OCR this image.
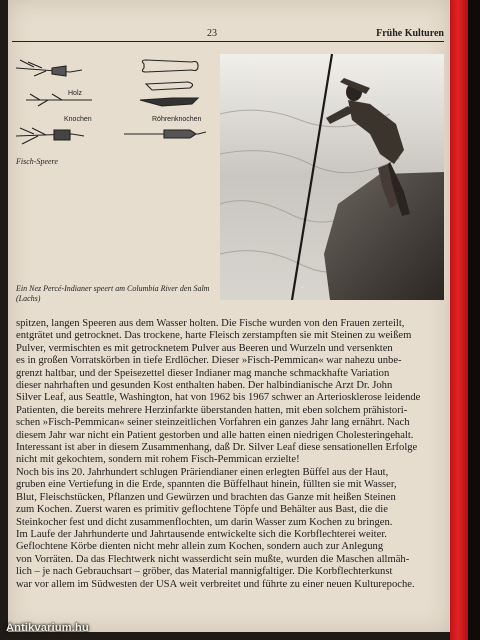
23	Frühe Kulturen
Holz
Knochen	Röhrenknochen
Fisch-Speere
Ein Nez Percé-Indianer speert am Columbia River den Salm (Lachs)
spitzen, langen Speeren aus dem Wasser holten. Die Fische wurden von den Frauen zerteilt,
entgrätet und getrocknet. Das trockene, harte Fleisch zerstampften sie mit Steinen zu weißem
Pulver, vermischten es mit getrocknetem Pulver aus Beeren und Wurzeln und versenkten
es in großen Vorratskörben in tiefe Erdlöcher. Dieser »Fisch-Pemmican« war nahezu unbe-
grenzt haltbar, und der Speisezettel dieser Indianer mag manche schmackhafte Variation
dieser nahrhaften und gesunden Kost enthalten haben. Der halbindianische Arzt Dr. John
Silver Leaf, aus Seattle, Washington, hat von 1962 bis 1967 schwer an Arteriosklerose leidende
Patienten, die bereits mehrere Herzinfarkte überstanden hatten, mit eben solchem prähistori-
schen »Fisch-Pemmican« seiner steinzeitlichen Vorfahren ein ganzes Jahr lang ernährt. Nach
diesem Jahr war nicht ein Patient gestorben und alle hatten einen niedrigen Cholesteringehalt.
Interessant ist aber in diesem Zusammenhang, daß Dr. Silver Leaf diese sensationellen Erfolge
nicht mit gekochtem, sondern mit rohem Fisch-Pemmican erzielte!
Noch bis ins 20. Jahrhundert schlugen Präriendianer einen erlegten Büffel aus der Haut,
gruben eine Vertiefung in die Erde, spannten die Büffelhaut hinein, füllten sie mit Wasser,
Blut, Fleischstücken, Pflanzen und Gewürzen und brachten das Ganze mit heißen Steinen
zum Kochen. Zuerst waren es primitiv geflochtene Töpfe und Behälter aus Bast, die die
Steinkocher fest und dicht zusammenflochten, um darin Wasser zum Kochen zu bringen.
Im Laufe der Jahrhunderte und Jahrtausende entwickelte sich die Korbflechterei weiter.
Geflochtene Körbe dienten nicht mehr allein zum Kochen, sondern auch zur Anlegung
von Vorräten. Da das Flechtwerk nicht wasserdicht sein mußte, wurden die Maschen allmäh-
lich – je nach Gebrauchsart – gröber, das Material mannigfaltiger. Die Korbflechterkunst
war vor allem im Südwesten der USA weit verbreitet und führte zu einer neuen Kulturepoche.
Antikvarium.hu
